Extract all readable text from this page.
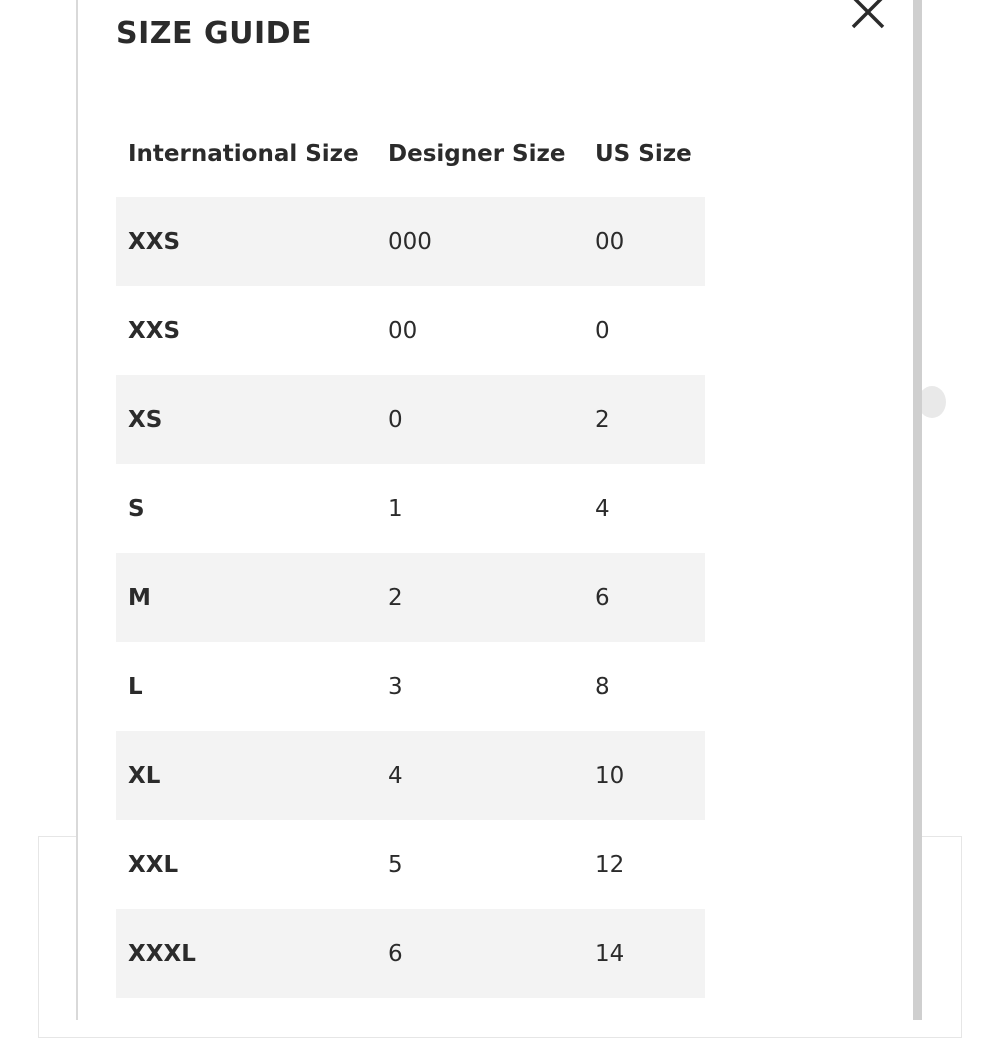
SIZE GUIDE
International Size	Designer Size	US Size
XXS	000	00
XXS	00	0
XS	0	2
S	1	4
M	2	6
L	3	8
XL	4	10
XXL	5	12
XXXL	6	14
